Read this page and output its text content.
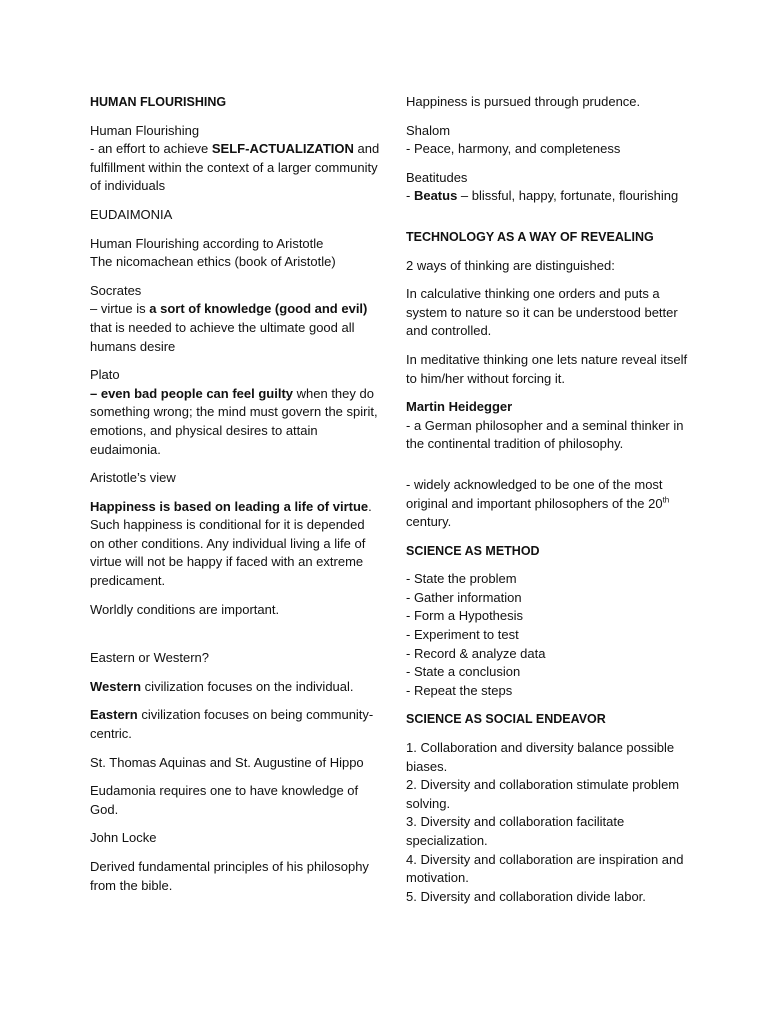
HUMAN FLOURISHING

Human Flourishing
- an effort to achieve SELF-ACTUALIZATION and fulfillment within the context of a larger community of individuals

EUDAIMONIA

Human Flourishing according to Aristotle
The nicomachean ethics (book of Aristotle)

Socrates
– virtue is a sort of knowledge (good and evil) that is needed to achieve the ultimate good all humans desire

Plato
– even bad people can feel guilty when they do something wrong; the mind must govern the spirit, emotions, and physical desires to attain eudaimonia.

Aristotle’s view

Happiness is based on leading a life of virtue. Such happiness is conditional for it is depended on other conditions. Any individual living a life of virtue will not be happy if faced with an extreme predicament.

Worldly conditions are important.

Eastern or Western?

Western civilization focuses on the individual.

Eastern civilization focuses on being community-centric.

St. Thomas Aquinas and St. Augustine of Hippo

Eudamonia requires one to have knowledge of God.

John Locke

Derived fundamental principles of his philosophy from the bible.

Happiness is pursued through prudence.

Shalom
- Peace, harmony, and completeness

Beatitudes
- Beatus – blissful, happy, fortunate, flourishing

TECHNOLOGY AS A WAY OF REVEALING

2 ways of thinking are distinguished:

In calculative thinking one orders and puts a system to nature so it can be understood better and controlled.

In meditative thinking one lets nature reveal itself to him/her without forcing it.

Martin Heidegger
- a German philosopher and a seminal thinker in the continental tradition of philosophy.

- widely acknowledged to be one of the most original and important philosophers of the 20th century.

SCIENCE AS METHOD

- State the problem
- Gather information
- Form a Hypothesis
- Experiment to test
- Record & analyze data
- State a conclusion
- Repeat the steps

SCIENCE AS SOCIAL ENDEAVOR

1. Collaboration and diversity balance possible biases.
2. Diversity and collaboration stimulate problem solving.
3. Diversity and collaboration facilitate specialization.
4. Diversity and collaboration are inspiration and motivation.
5. Diversity and collaboration divide labor.
